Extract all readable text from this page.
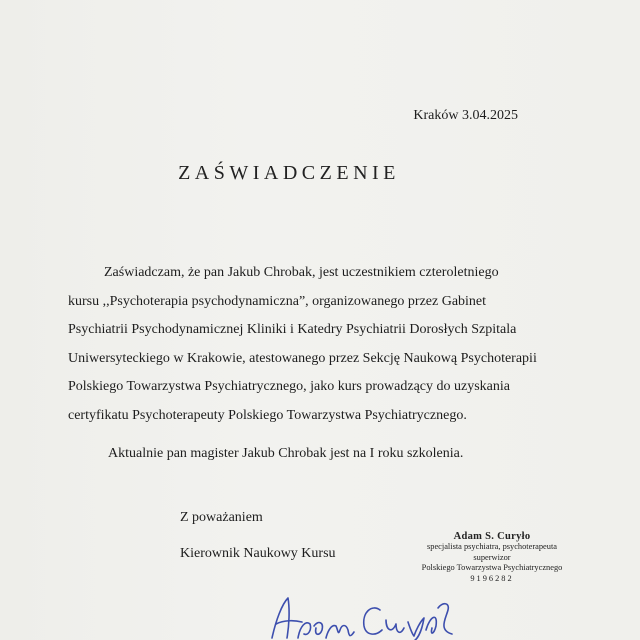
Kraków 3.04.2025
ZAŚWIADCZENIE

Zaświadczam, że pan Jakub Chrobak, jest uczestnikiem czteroletniego
kursu ,,Psychoterapia psychodynamiczna”, organizowanego przez Gabinet
Psychiatrii Psychodynamicznej Kliniki i Katedry Psychiatrii Dorosłych Szpitala
Uniwersyteckiego w Krakowie, atestowanego przez Sekcję Naukową Psychoterapii
Polskiego Towarzystwa Psychiatrycznego, jako kurs prowadzący do uzyskania
certyfikatu Psychoterapeuty Polskiego Towarzystwa Psychiatrycznego.

Aktualnie pan magister Jakub Chrobak jest na I roku szkolenia.

Z poważaniem
Kierownik Naukowy Kursu
Adam S. Curyło
specjalista psychiatra, psychoterapeuta
superwizor
Polskiego Towarzystwa Psychiatrycznego
9196282
